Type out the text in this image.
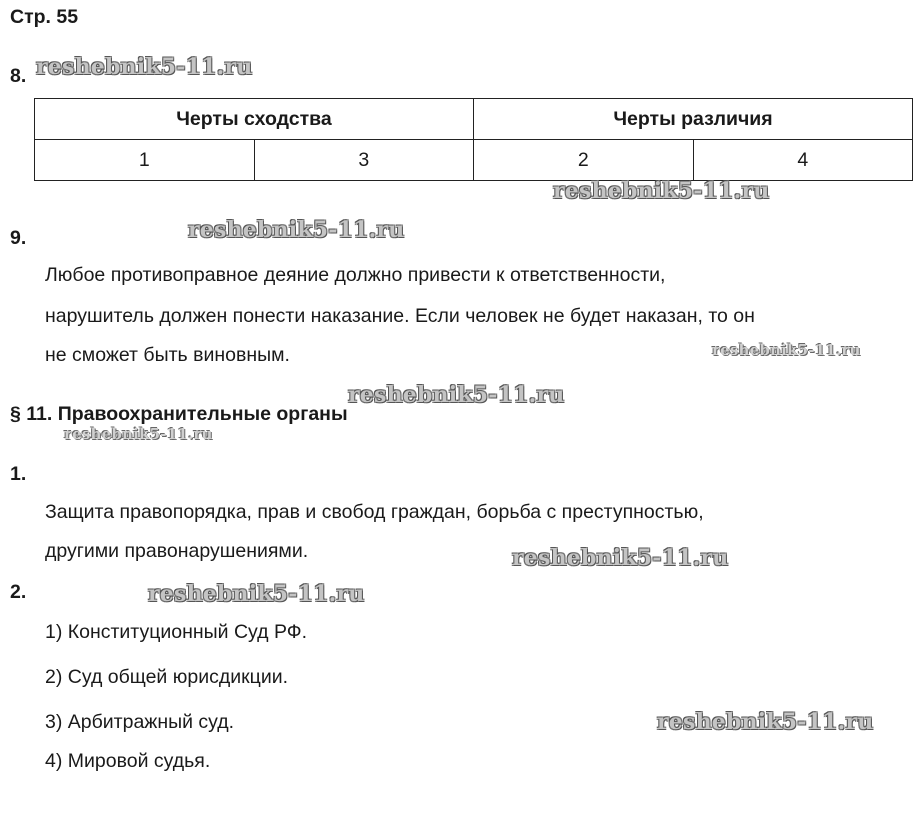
Стр. 55
8. reshebnik5-11.ru
Черты сходства		Черты различия	
1	3	2	4
reshebnik5-11.ru
9.	reshebnik5-11.ru
Любое противоправное деяние должно привести к ответственности,
нарушитель должен понести наказание. Если человек не будет наказан, то он
не сможет быть виновным.	reshebnik5-11.ru
reshebnik5-11.ru
§ 11. Правоохранительные органы
reshebnik5-11.ru
1.
Защита правопорядка, прав и свобод граждан, борьба с преступностью,
другими правонарушениями.	reshebnik5-11.ru
2.	reshebnik5-11.ru
1) Конституционный Суд РФ.
2) Суд общей юрисдикции.
3) Арбитражный суд.	reshebnik5-11.ru
4) Мировой судья.
